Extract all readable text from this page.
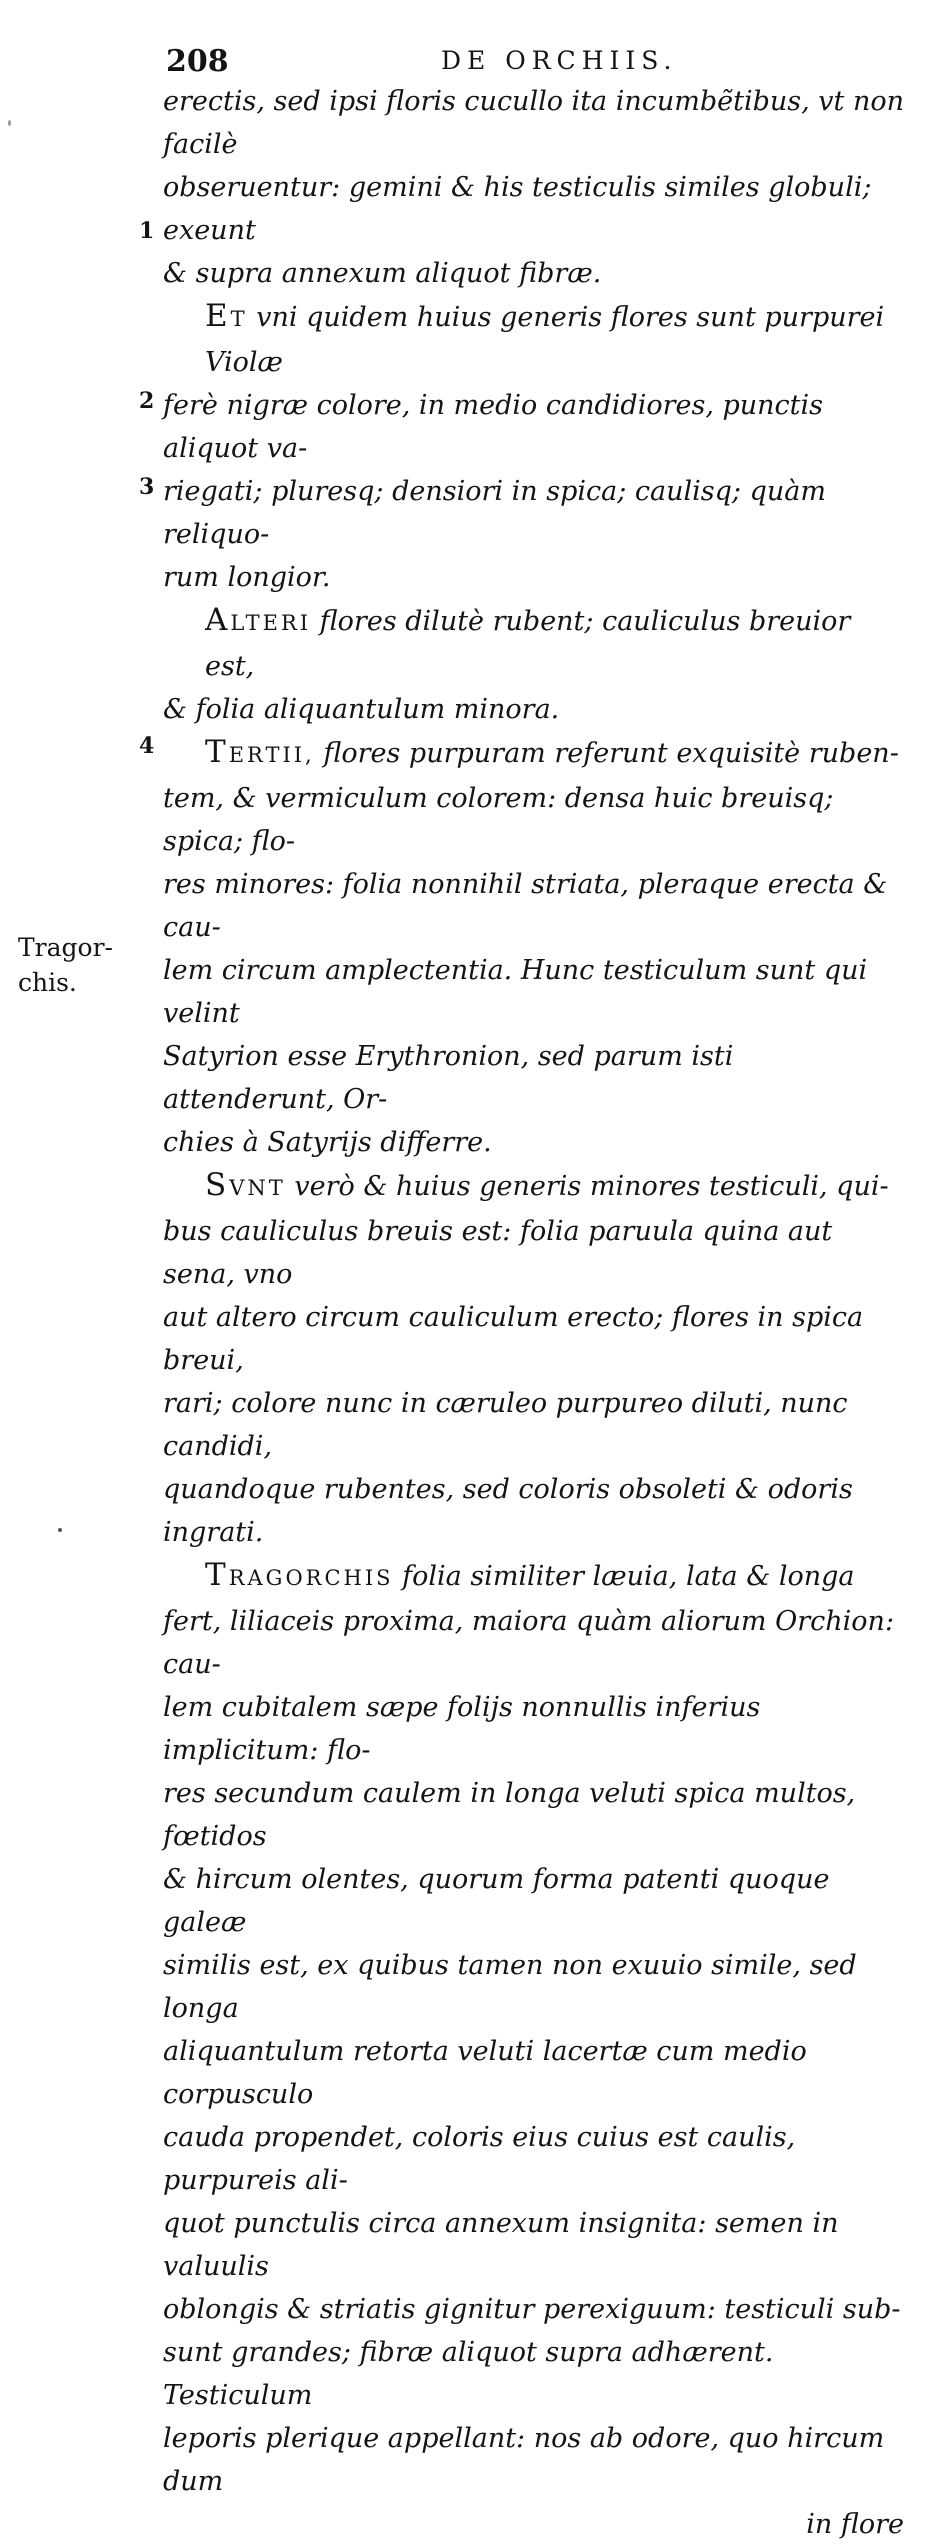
208	DE ORCHIIS.
Tragor-
chis.
1
2
3
4
erectis, sed ipsi floris cucullo ita incumbẽtibus, vt non facilè
obseruentur: gemini & his testiculis similes globuli; exeunt
& supra annexum aliquot fibræ.
ET vni quidem huius generis flores sunt purpurei Violæ
ferè nigræ colore, in medio candidiores, punctis aliquot va-
riegati; pluresq; densiori in spica; caulisq; quàm reliquo-
rum longior.
ALTERI flores dilutè rubent; cauliculus breuior est,
& folia aliquantulum minora.
TERTII, flores purpuram referunt exquisitè ruben-
tem, & vermiculum colorem: densa huic breuisq; spica; flo-
res minores: folia nonnihil striata, pleraque erecta & cau-
lem circum amplectentia. Hunc testiculum sunt qui velint
Satyrion esse Erythronion, sed parum isti attenderunt, Or-
chies à Satyrijs differre.
SVNT verò & huius generis minores testiculi, qui-
bus cauliculus breuis est: folia paruula quina aut sena, vno
aut altero circum cauliculum erecto; flores in spica breui,
rari; colore nunc in cæruleo purpureo diluti, nunc candidi,
quandoque rubentes, sed coloris obsoleti & odoris ingrati.
TRAGORCHIS folia similiter læuia, lata & longa
fert, liliaceis proxima, maiora quàm aliorum Orchion: cau-
lem cubitalem sæpe folijs nonnullis inferius implicitum: flo-
res secundum caulem in longa veluti spica multos, fœtidos
& hircum olentes, quorum forma patenti quoque galeæ
similis est, ex quibus tamen non exuuio simile, sed longa
aliquantulum retorta veluti lacertæ cum medio corpusculo
cauda propendet, coloris eius cuius est caulis, purpureis ali-
quot punctulis circa annexum insignita: semen in valuulis
oblongis & striatis gignitur perexiguum: testiculi sub-
sunt grandes; fibræ aliquot supra adhærent. Testiculum
leporis plerique appellant: nos ab odore, quo hircum dum
in flore
